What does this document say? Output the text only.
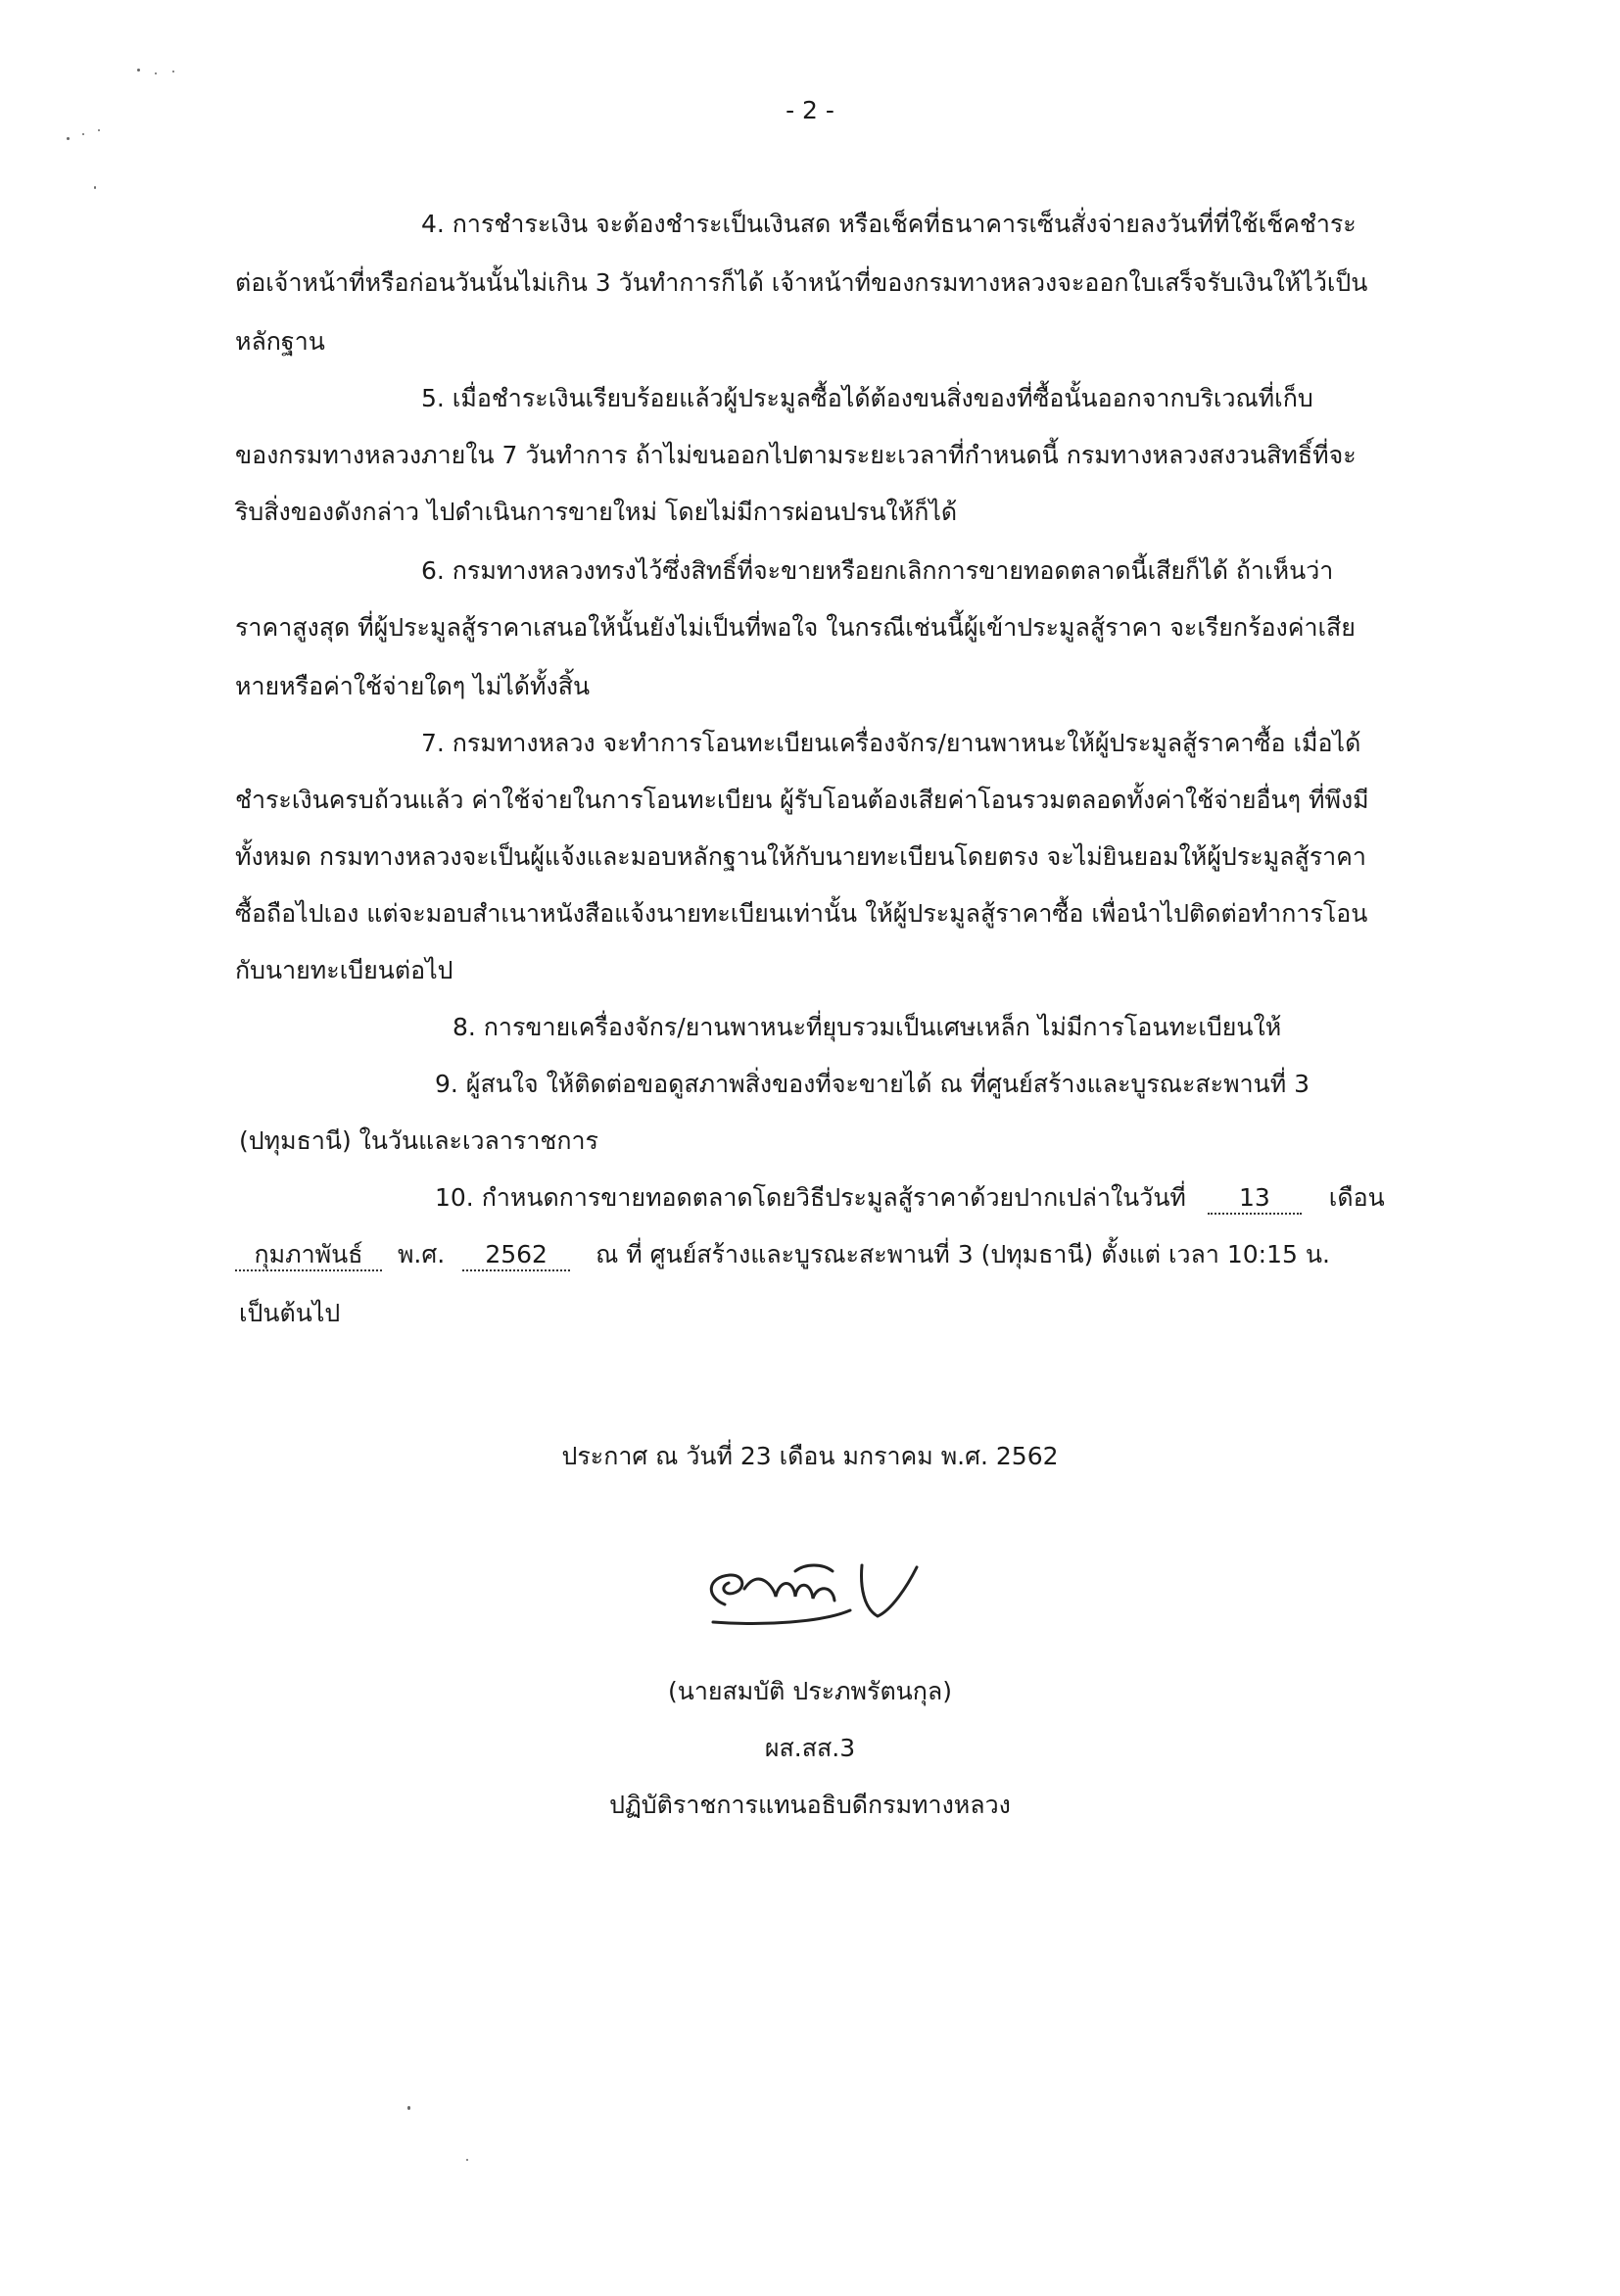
- 2 -
4. การชำระเงิน จะต้องชำระเป็นเงินสด หรือเช็คที่ธนาคารเซ็นสั่งจ่ายลงวันที่ที่ใช้เช็คชำระ
ต่อเจ้าหน้าที่หรือก่อนวันนั้นไม่เกิน 3 วันทำการก็ได้ เจ้าหน้าที่ของกรมทางหลวงจะออกใบเสร็จรับเงินให้ไว้เป็น
หลักฐาน
5. เมื่อชำระเงินเรียบร้อยแล้วผู้ประมูลซื้อได้ต้องขนสิ่งของที่ซื้อนั้นออกจากบริเวณที่เก็บ
ของกรมทางหลวงภายใน 7 วันทำการ ถ้าไม่ขนออกไปตามระยะเวลาที่กำหนดนี้ กรมทางหลวงสงวนสิทธิ์ที่จะ
ริบสิ่งของดังกล่าว ไปดำเนินการขายใหม่ โดยไม่มีการผ่อนปรนให้ก็ได้
6. กรมทางหลวงทรงไว้ซึ่งสิทธิ์ที่จะขายหรือยกเลิกการขายทอดตลาดนี้เสียก็ได้ ถ้าเห็นว่า
ราคาสูงสุด ที่ผู้ประมูลสู้ราคาเสนอให้นั้นยังไม่เป็นที่พอใจ ในกรณีเช่นนี้ผู้เข้าประมูลสู้ราคา จะเรียกร้องค่าเสีย
หายหรือค่าใช้จ่ายใดๆ ไม่ได้ทั้งสิ้น
7. กรมทางหลวง จะทำการโอนทะเบียนเครื่องจักร/ยานพาหนะให้ผู้ประมูลสู้ราคาซื้อ เมื่อได้
ชำระเงินครบถ้วนแล้ว ค่าใช้จ่ายในการโอนทะเบียน ผู้รับโอนต้องเสียค่าโอนรวมตลอดทั้งค่าใช้จ่ายอื่นๆ ที่พึงมี
ทั้งหมด กรมทางหลวงจะเป็นผู้แจ้งและมอบหลักฐานให้กับนายทะเบียนโดยตรง จะไม่ยินยอมให้ผู้ประมูลสู้ราคา
ซื้อถือไปเอง แต่จะมอบสำเนาหนังสือแจ้งนายทะเบียนเท่านั้น ให้ผู้ประมูลสู้ราคาซื้อ เพื่อนำไปติดต่อทำการโอน
กับนายทะเบียนต่อไป
8. การขายเครื่องจักร/ยานพาหนะที่ยุบรวมเป็นเศษเหล็ก ไม่มีการโอนทะเบียนให้
9. ผู้สนใจ ให้ติดต่อขอดูสภาพสิ่งของที่จะขายได้ ณ ที่ศูนย์สร้างและบูรณะสะพานที่ 3
(ปทุมธานี) ในวันและเวลาราชการ
10. กำหนดการขายทอดตลาดโดยวิธีประมูลสู้ราคาด้วยปากเปล่าในวันที่ 13 เดือน
กุมภาพันธ์ พ.ศ. 2562 ณ ที่ ศูนย์สร้างและบูรณะสะพานที่ 3 (ปทุมธานี) ตั้งแต่ เวลา 10:15 น.
เป็นต้นไป
ประกาศ ณ วันที่ 23 เดือน มกราคม พ.ศ. 2562
(นายสมบัติ ประภพรัตนกุล)
ผส.สส.3
ปฏิบัติราชการแทนอธิบดีกรมทางหลวง
